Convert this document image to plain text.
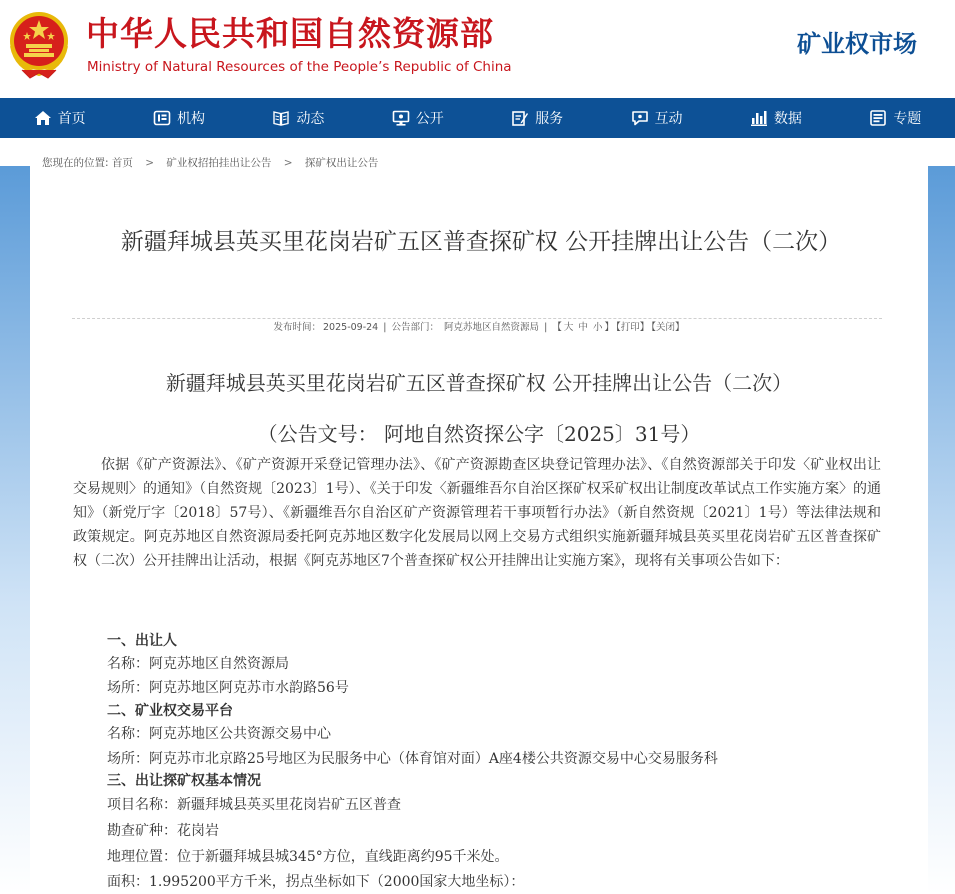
中华人民共和国自然资源部
Ministry of Natural Resources of the People’s Republic of China
矿业权市场
首页	机构	动态	公开	服务	互动	数据	专题
您现在的位置: 首页 > 矿业权招拍挂出让公告 > 探矿权出让公告
新疆拜城县英买里花岗岩矿五区普查探矿权 公开挂牌出让公告（二次）
发布时间： 2025-09-24 | 公告部门： 阿克苏地区自然资源局 | 【 大 中 小 】 【打印】 【关闭】
新疆拜城县英买里花岗岩矿五区普查探矿权 公开挂牌出让公告（二次）
（公告文号： 阿地自然资探公字〔2025〕31号）
依据《矿产资源法》、《矿产资源开采登记管理办法》、《矿产资源勘查区块登记管理办法》、《自然资源部关于印发〈矿业权出让交易规则〉的通知》（自然资规〔2023〕1号）、《关于印发〈新疆维吾尔自治区探矿权采矿权出让制度改革试点工作实施方案〉的通知》（新党厅字〔2018〕57号）、《新疆维吾尔自治区矿产资源管理若干事项暂行办法》（新自然资规〔2021〕1号）等法律法规和政策规定。阿克苏地区自然资源局委托阿克苏地区数字化发展局以网上交易方式组织实施新疆拜城县英买里花岗岩矿五区普查探矿权（二次）公开挂牌出让活动，根据《阿克苏地区7个普查探矿权公开挂牌出让实施方案》，现将有关事项公告如下：
一、出让人
名称：阿克苏地区自然资源局
场所：阿克苏地区阿克苏市水韵路56号
二、矿业权交易平台
名称：阿克苏地区公共资源交易中心
场所：阿克苏市北京路25号地区为民服务中心（体育馆对面）A座4楼公共资源交易中心交易服务科
三、出让探矿权基本情况
项目名称：新疆拜城县英买里花岗岩矿五区普查
勘查矿种：花岗岩
地理位置：位于新疆拜城县城345°方位，直线距离约95千米处。
面积：1.995200平方千米，拐点坐标如下（2000国家大地坐标）：
